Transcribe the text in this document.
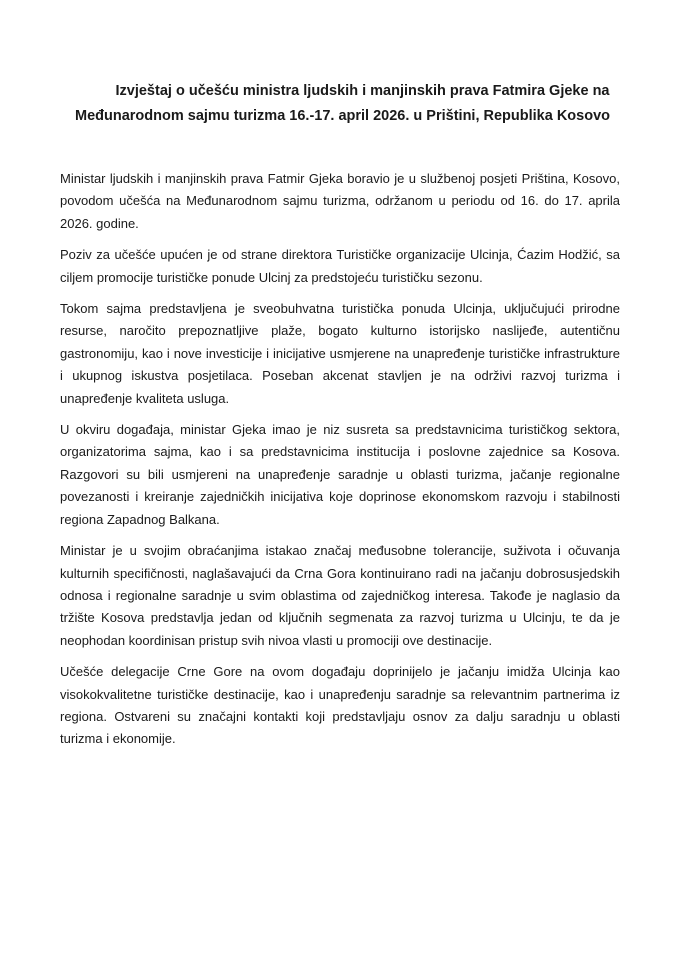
Izvještaj o učešću ministra ljudskih i manjinskih prava Fatmira Gjeke na
Međunarodnom sajmu turizma 16.-17. april 2026. u Prištini, Republika Kosovo

Ministar ljudskih i manjinskih prava Fatmir Gjeka boravio je u službenoj posjeti Priština, Kosovo, povodom učešća na Međunarodnom sajmu turizma, održanom u periodu od 16. do 17. aprila 2026. godine.

Poziv za učešće upućen je od strane direktora Turističke organizacije Ulcinja, Ćazim Hodžić, sa ciljem promocije turističke ponude Ulcinj za predstojeću turističku sezonu.

Tokom sajma predstavljena je sveobuhvatna turistička ponuda Ulcinja, uključujući prirodne resurse, naročito prepoznatljive plaže, bogato kulturno istorijsko naslijeđe, autentičnu gastronomiju, kao i nove investicije i inicijative usmjerene na unapređenje turističke infrastrukture i ukupnog iskustva posjetilaca. Poseban akcenat stavljen je na održivi razvoj turizma i unapređenje kvaliteta usluga.

U okviru događaja, ministar Gjeka imao je niz susreta sa predstavnicima turističkog sektora, organizatorima sajma, kao i sa predstavnicima institucija i poslovne zajednice sa Kosova. Razgovori su bili usmjereni na unapređenje saradnje u oblasti turizma, jačanje regionalne povezanosti i kreiranje zajedničkih inicijativa koje doprinose ekonomskom razvoju i stabilnosti regiona Zapadnog Balkana.

Ministar je u svojim obraćanjima istakao značaj međusobne tolerancije, suživota i očuvanja kulturnih specifičnosti, naglašavajući da Crna Gora kontinuirano radi na jačanju dobrosusjedskih odnosa i regionalne saradnje u svim oblastima od zajedničkog interesa. Takođe je naglasio da tržište Kosova predstavlja jedan od ključnih segmenata za razvoj turizma u Ulcinju, te da je neophodan koordinisan pristup svih nivoa vlasti u promociji ove destinacije.

Učešće delegacije Crne Gore na ovom događaju doprinijelo je jačanju imidža Ulcinja kao visokokvalitetne turističke destinacije, kao i unapređenju saradnje sa relevantnim partnerima iz regiona. Ostvareni su značajni kontakti koji predstavljaju osnov za dalju saradnju u oblasti turizma i ekonomije.
